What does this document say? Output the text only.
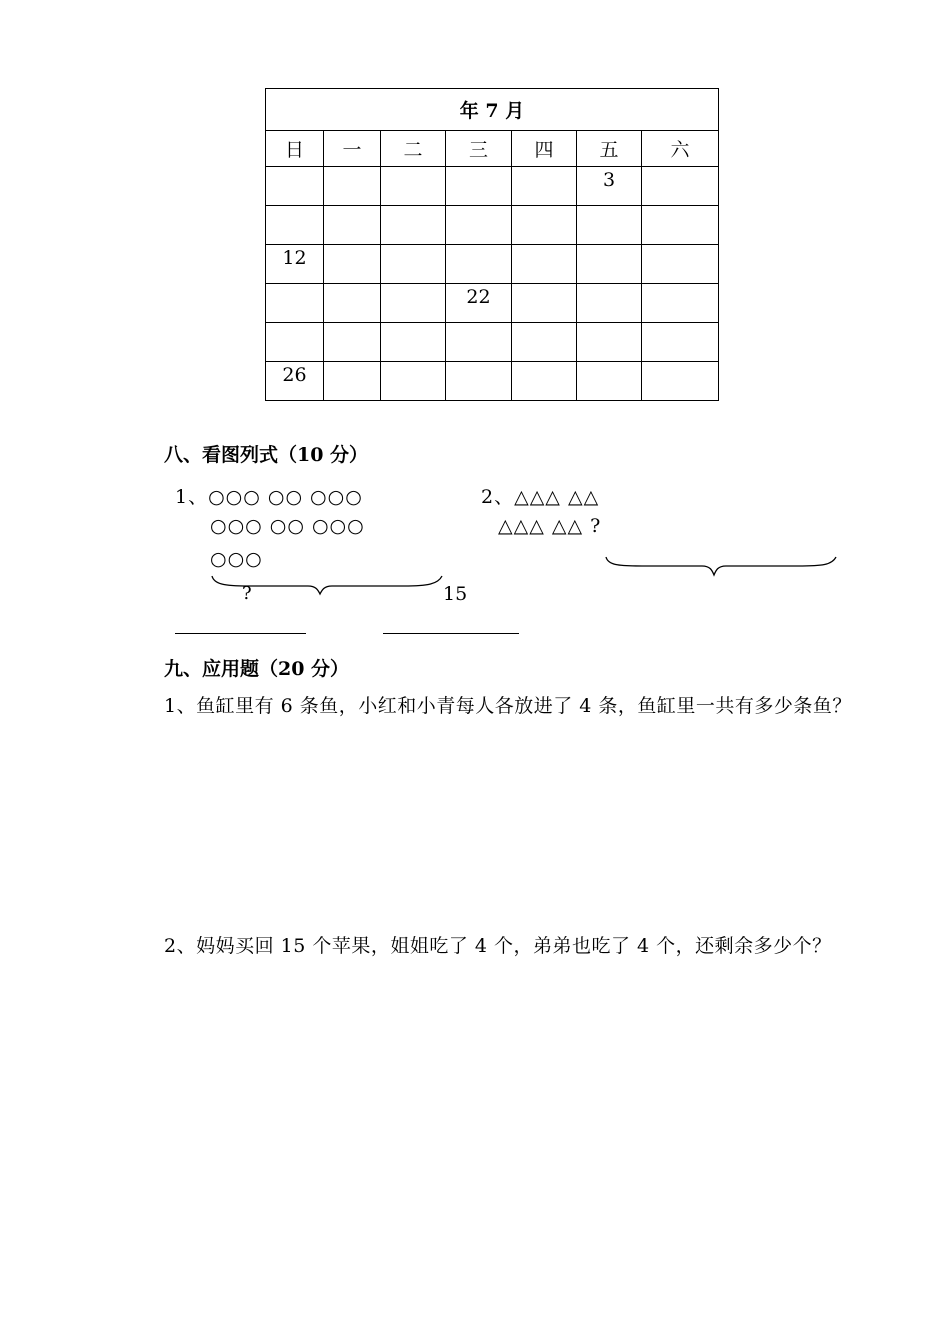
年 7 月						
日	一	二	三	四	五	六
					3	

12						
			22			

26						
八、看图列式（10 分）
1、○○○ ○○ ○○○
○○○ ○○ ○○○
○○○
?	15
2、△△△ △△
△△△ △△ ?
九、应用题（20 分）
1、鱼缸里有 6 条鱼，小红和小青每人各放进了 4 条，鱼缸里一共有多少条鱼？
2、妈妈买回 15 个苹果，姐姐吃了 4 个，弟弟也吃了 4 个，还剩余多少个？
